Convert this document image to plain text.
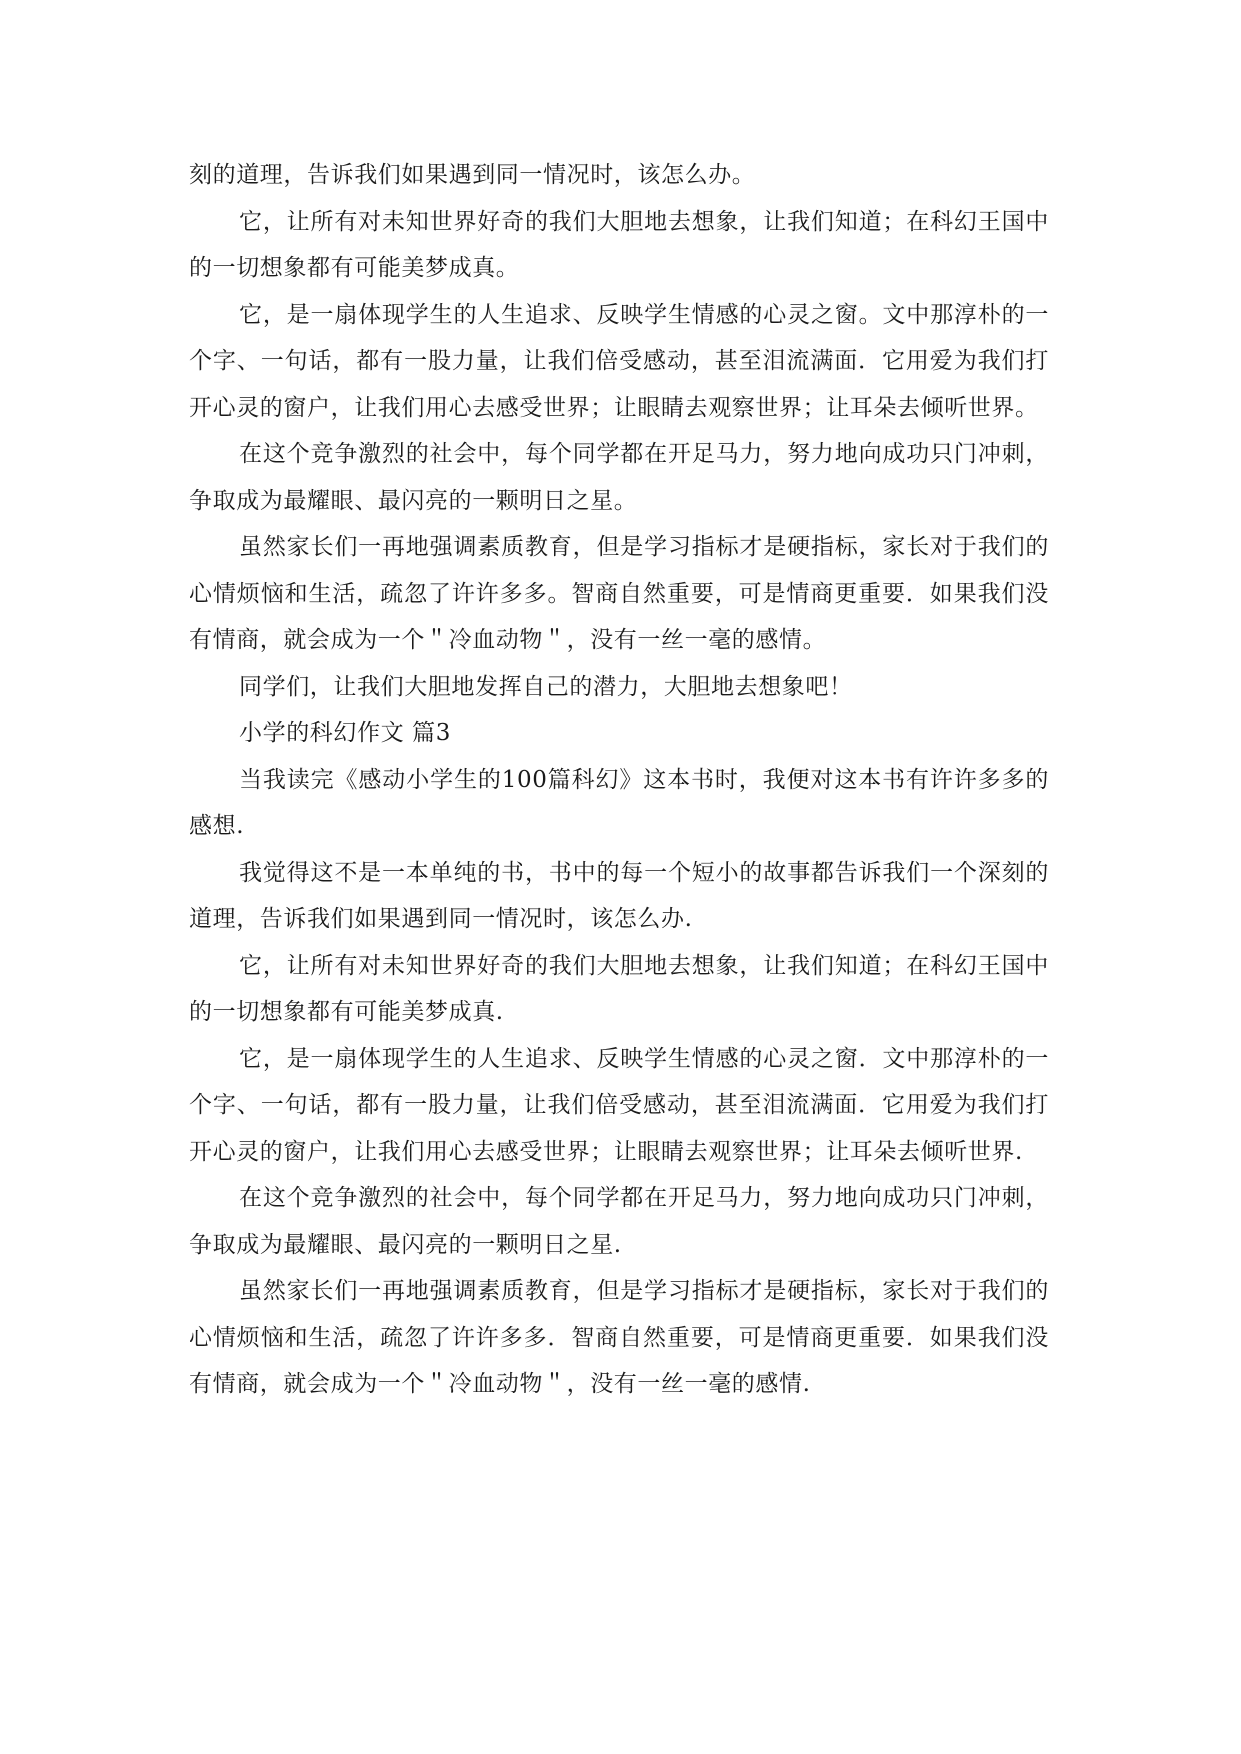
刻的道理，告诉我们如果遇到同一情况时，该怎么办。

它，让所有对未知世界好奇的我们大胆地去想象，让我们知道；在科幻王国中的一切想象都有可能美梦成真。

它，是一扇体现学生的人生追求、反映学生情感的心灵之窗。文中那淳朴的一个字、一句话，都有一股力量，让我们倍受感动，甚至泪流满面．它用爱为我们打开心灵的窗户，让我们用心去感受世界；让眼睛去观察世界；让耳朵去倾听世界。

在这个竞争激烈的社会中，每个同学都在开足马力，努力地向成功只门冲刺，争取成为最耀眼、最闪亮的一颗明日之星。

虽然家长们一再地强调素质教育，但是学习指标才是硬指标，家长对于我们的心情烦恼和生活，疏忽了许许多多。智商自然重要，可是情商更重要．如果我们没有情商，就会成为一个＂冷血动物＂，没有一丝一毫的感情。

同学们，让我们大胆地发挥自己的潜力，大胆地去想象吧！

小学的科幻作文 篇3

当我读完《感动小学生的100篇科幻》这本书时，我便对这本书有许许多多的感想.

我觉得这不是一本单纯的书，书中的每一个短小的故事都告诉我们一个深刻的道理，告诉我们如果遇到同一情况时，该怎么办.

它，让所有对未知世界好奇的我们大胆地去想象，让我们知道；在科幻王国中的一切想象都有可能美梦成真.

它，是一扇体现学生的人生追求、反映学生情感的心灵之窗．文中那淳朴的一个字、一句话，都有一股力量，让我们倍受感动，甚至泪流满面．它用爱为我们打开心灵的窗户，让我们用心去感受世界；让眼睛去观察世界；让耳朵去倾听世界.

在这个竞争激烈的社会中，每个同学都在开足马力，努力地向成功只门冲刺，争取成为最耀眼、最闪亮的一颗明日之星.

虽然家长们一再地强调素质教育，但是学习指标才是硬指标，家长对于我们的心情烦恼和生活，疏忽了许许多多．智商自然重要，可是情商更重要．如果我们没有情商，就会成为一个＂冷血动物＂，没有一丝一毫的感情.
